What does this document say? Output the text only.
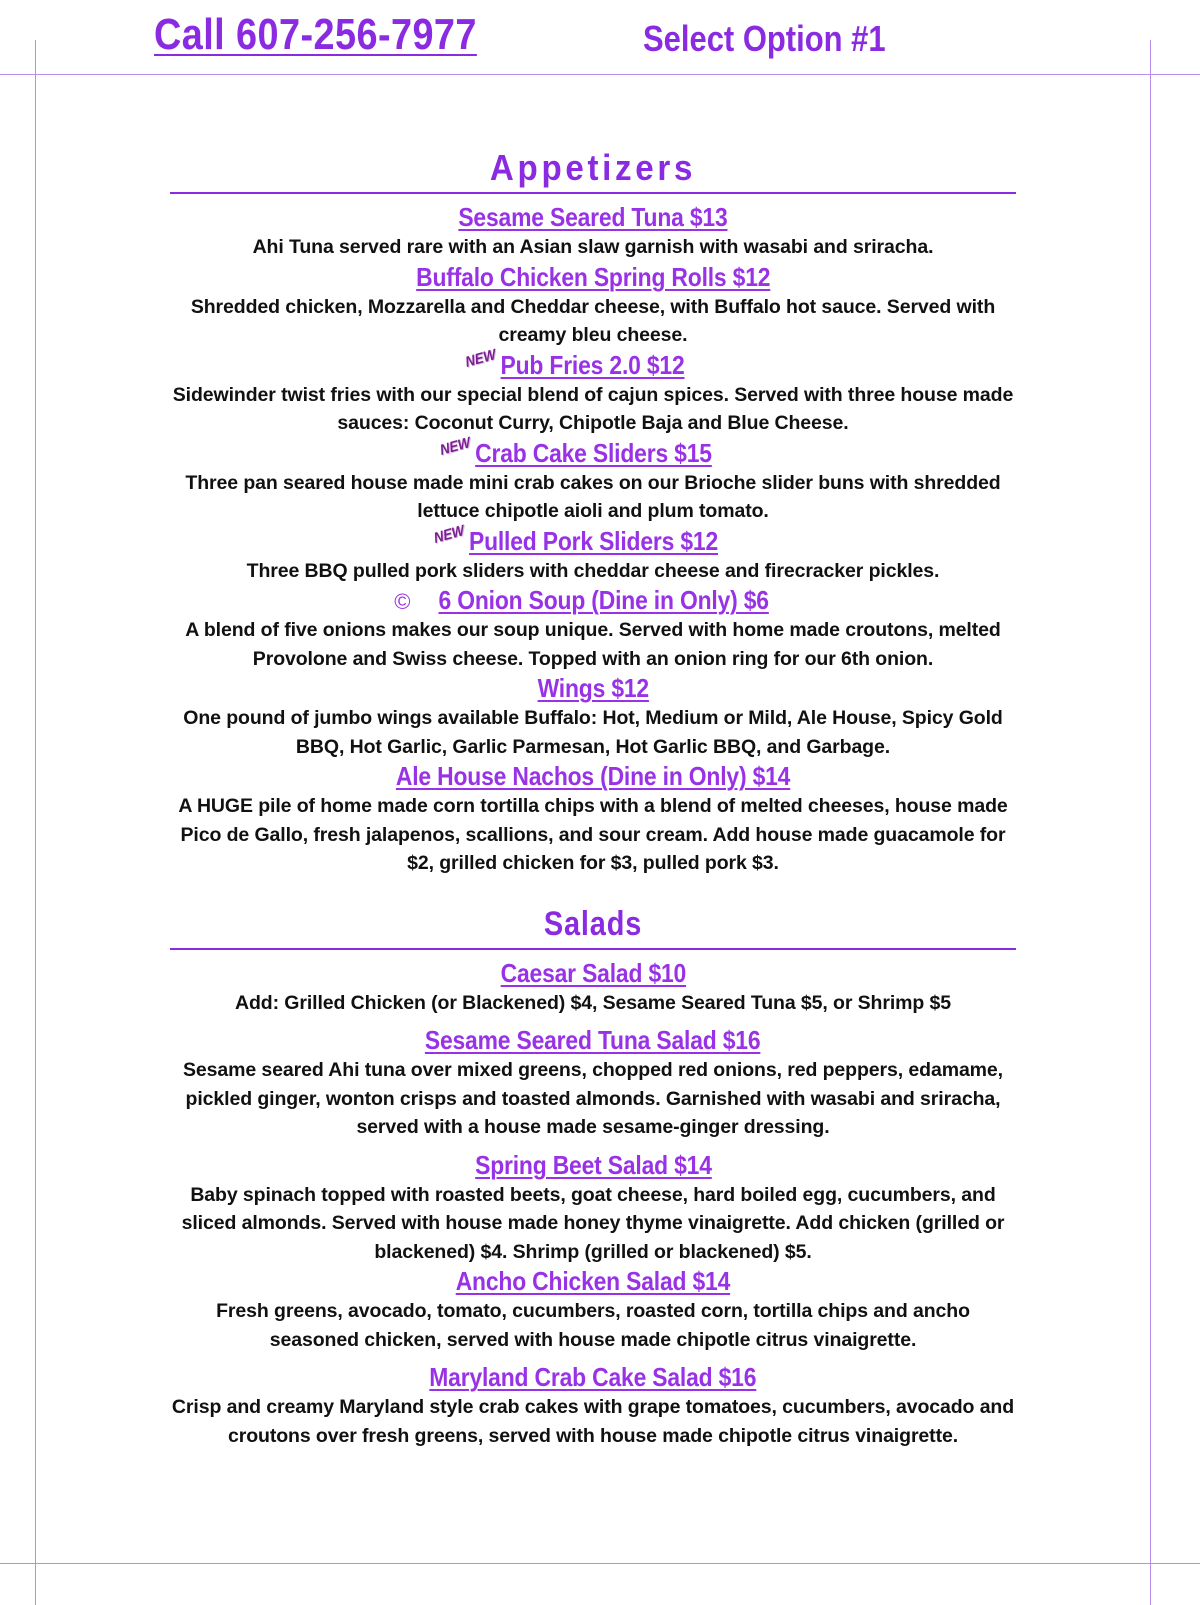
Call 607-256-7977	Select Option #1
Appetizers
Sesame Seared Tuna $13

Ahi Tuna served rare with an Asian slaw garnish with wasabi and sriracha.

Buffalo Chicken Spring Rolls $12

Shredded chicken, Mozzarella and Cheddar cheese, with Buffalo hot sauce. Served with creamy bleu cheese.

NEW Pub Fries 2.0 $12

Sidewinder twist fries with our special blend of cajun spices. Served with three house made sauces: Coconut Curry, Chipotle Baja and Blue Cheese.

NEW Crab Cake Sliders $15

Three pan seared house made mini crab cakes on our Brioche slider buns with shredded lettuce chipotle aioli and plum tomato.

NEW Pulled Pork Sliders $12

Three BBQ pulled pork sliders with cheddar cheese and firecracker pickles.

© 6 Onion Soup (Dine in Only) $6

A blend of five onions makes our soup unique. Served with home made croutons, melted Provolone and Swiss cheese. Topped with an onion ring for our 6th onion.

Wings $12

One pound of jumbo wings available Buffalo: Hot, Medium or Mild, Ale House, Spicy Gold BBQ, Hot Garlic, Garlic Parmesan, Hot Garlic BBQ, and Garbage.

Ale House Nachos (Dine in Only) $14

A HUGE pile of home made corn tortilla chips with a blend of melted cheeses, house made Pico de Gallo, fresh jalapenos, scallions, and sour cream. Add house made guacamole for $2, grilled chicken for $3, pulled pork $3.

Salads
Caesar Salad $10

Add: Grilled Chicken (or Blackened) $4, Sesame Seared Tuna $5, or Shrimp $5

Sesame Seared Tuna Salad $16

Sesame seared Ahi tuna over mixed greens, chopped red onions, red peppers, edamame, pickled ginger, wonton crisps and toasted almonds. Garnished with wasabi and sriracha, served with a house made sesame-ginger dressing.

Spring Beet Salad $14

Baby spinach topped with roasted beets, goat cheese, hard boiled egg, cucumbers, and sliced almonds. Served with house made honey thyme vinaigrette. Add chicken (grilled or blackened) $4. Shrimp (grilled or blackened) $5.

Ancho Chicken Salad $14

Fresh greens, avocado, tomato, cucumbers, roasted corn, tortilla chips and ancho seasoned chicken, served with house made chipotle citrus vinaigrette.

Maryland Crab Cake Salad $16

Crisp and creamy Maryland style crab cakes with grape tomatoes, cucumbers, avocado and croutons over fresh greens, served with house made chipotle citrus vinaigrette.
